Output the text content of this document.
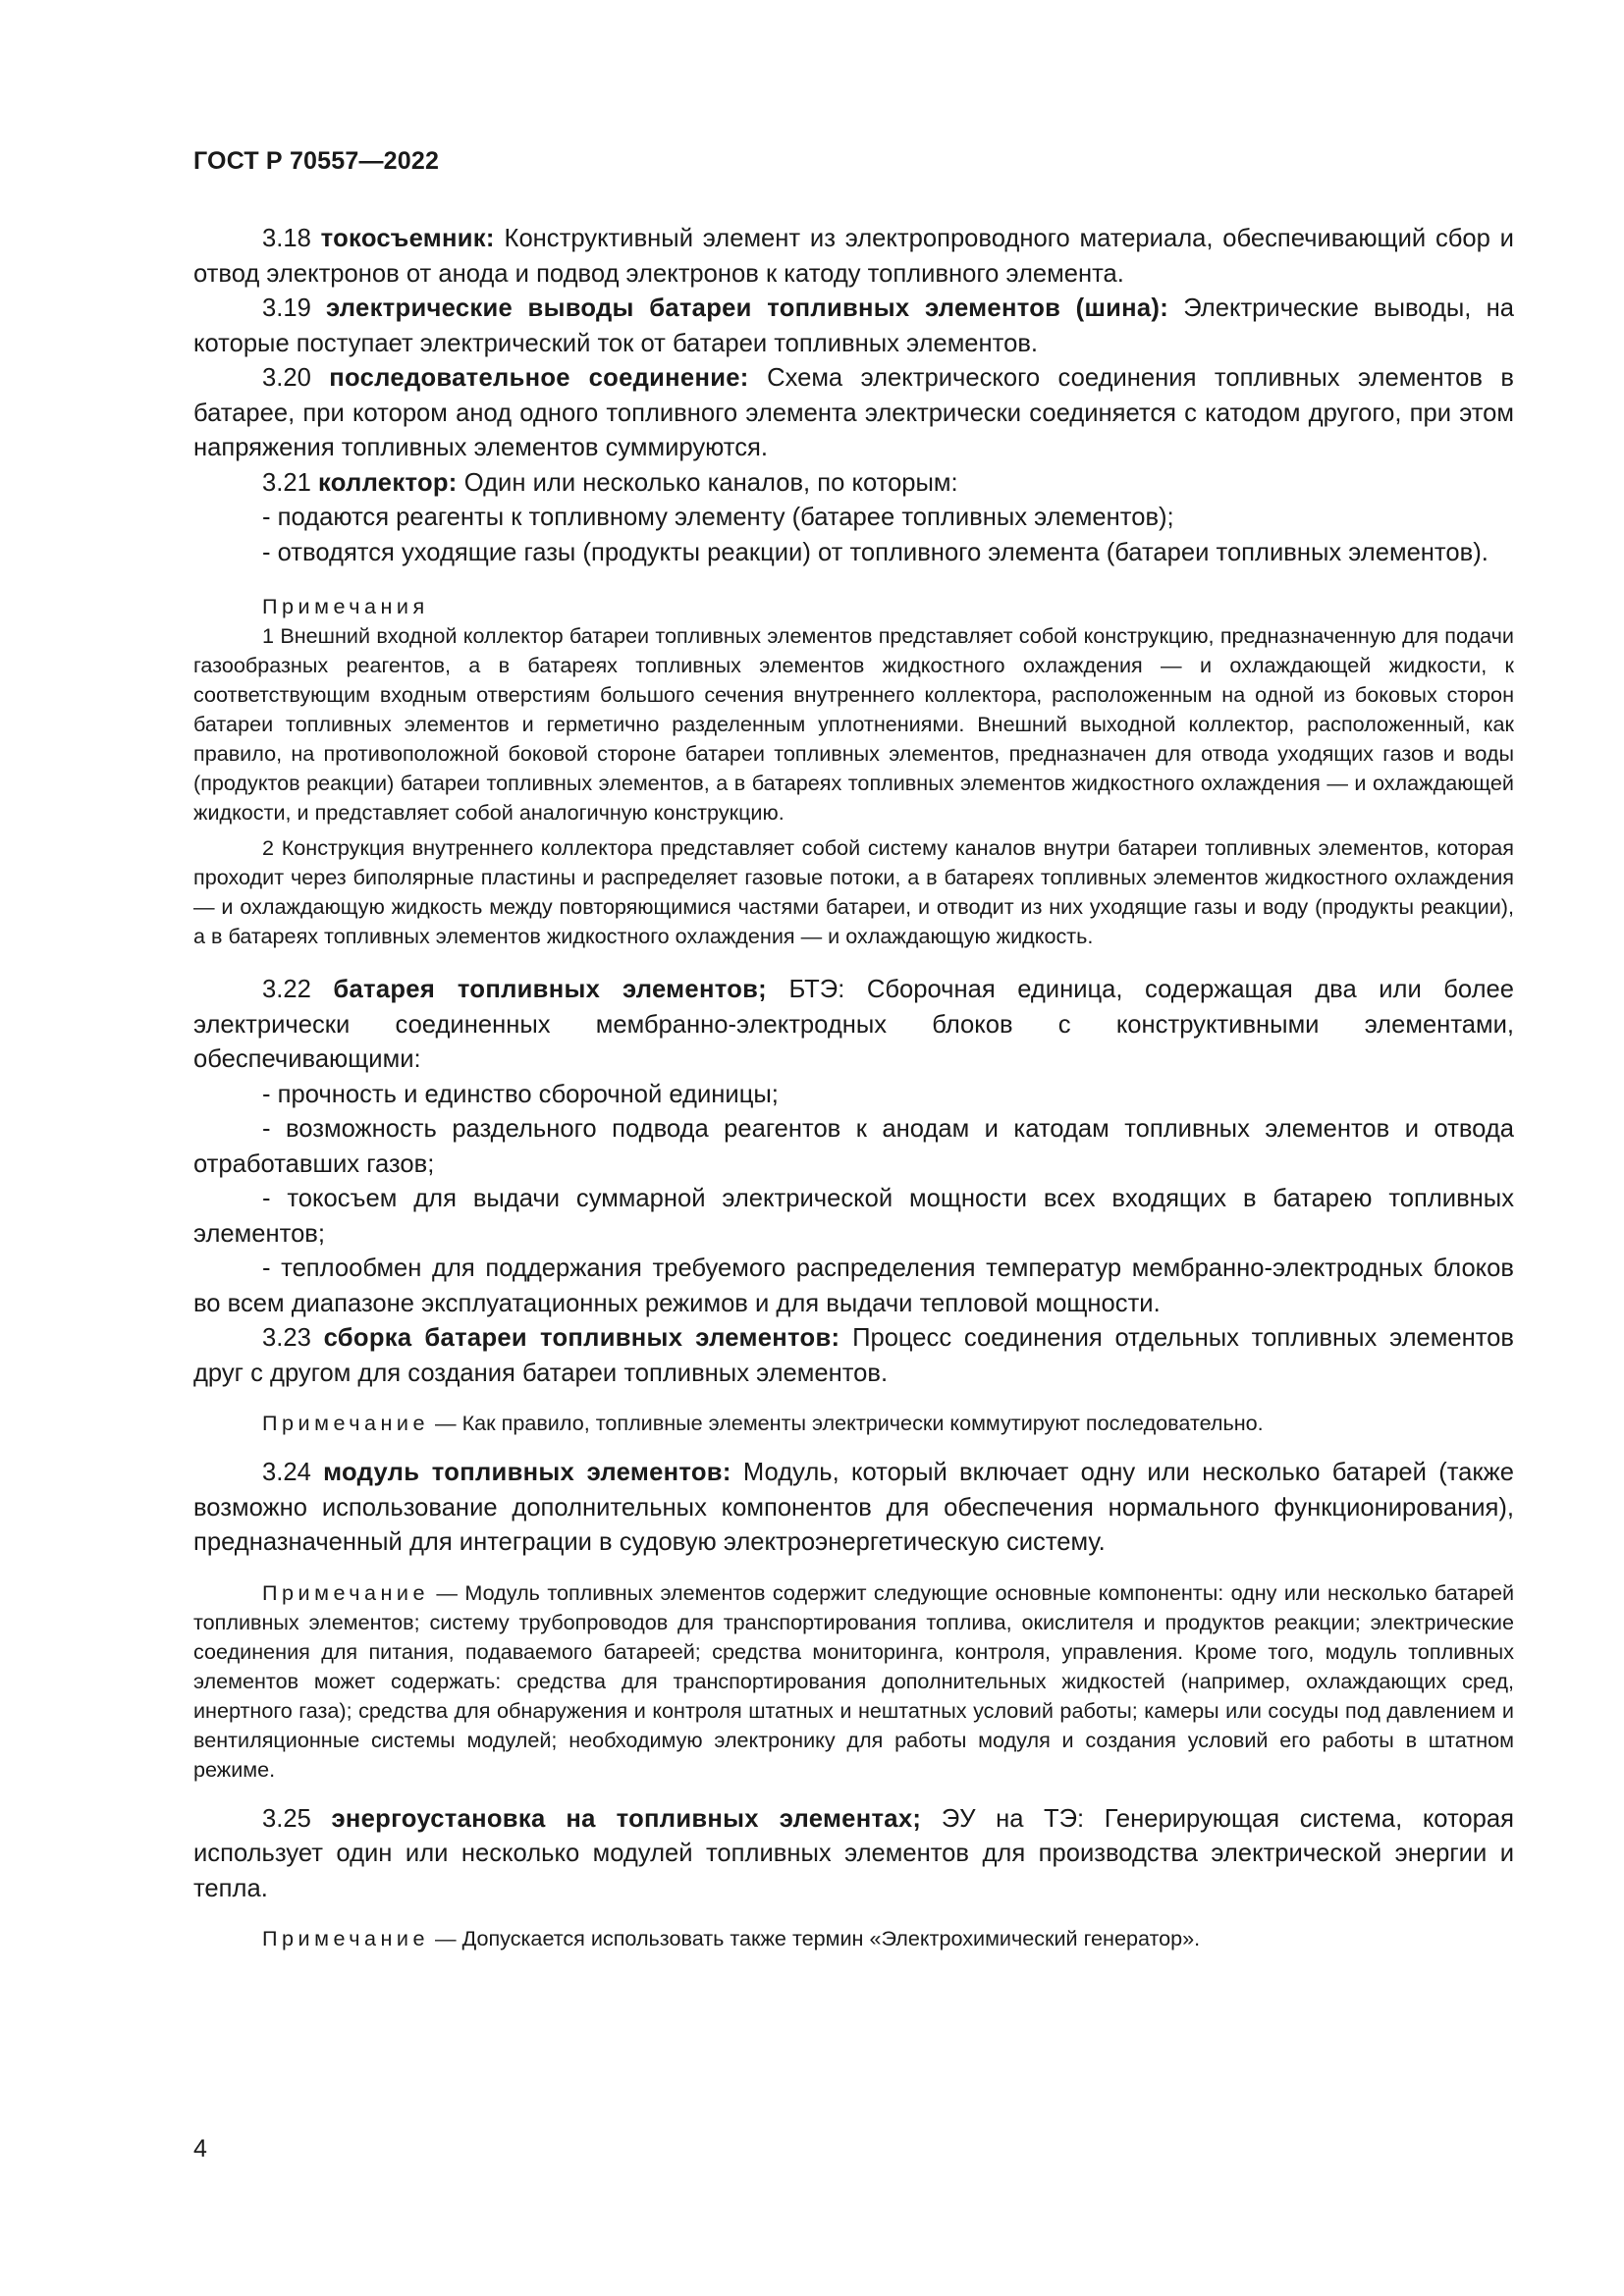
ГОСТ Р 70557—2022

3.18 токосъемник: Конструктивный элемент из электропроводного материала, обеспечивающий сбор и отвод электронов от анода и подвод электронов к катоду топливного элемента.

3.19 электрические выводы батареи топливных элементов (шина): Электрические выводы, на которые поступает электрический ток от батареи топливных элементов.

3.20 последовательное соединение: Схема электрического соединения топливных элементов в батарее, при котором анод одного топливного элемента электрически соединяется с катодом другого, при этом напряжения топливных элементов суммируются.

3.21 коллектор: Один или несколько каналов, по которым:

- подаются реагенты к топливному элементу (батарее топливных элементов);

- отводятся уходящие газы (продукты реакции) от топливного элемента (батареи топливных элементов).

Примечания

1 Внешний входной коллектор батареи топливных элементов представляет собой конструкцию, предназначенную для подачи газообразных реагентов, а в батареях топливных элементов жидкостного охлаждения — и охлаждающей жидкости, к соответствующим входным отверстиям большого сечения внутреннего коллектора, расположенным на одной из боковых сторон батареи топливных элементов и герметично разделенным уплотнениями. Внешний выходной коллектор, расположенный, как правило, на противоположной боковой стороне батареи топливных элементов, предназначен для отвода уходящих газов и воды (продуктов реакции) батареи топливных элементов, а в батареях топливных элементов жидкостного охлаждения — и охлаждающей жидкости, и представляет собой аналогичную конструкцию.

2 Конструкция внутреннего коллектора представляет собой систему каналов внутри батареи топливных элементов, которая проходит через биполярные пластины и распределяет газовые потоки, а в батареях топливных элементов жидкостного охлаждения — и охлаждающую жидкость между повторяющимися частями батареи, и отводит из них уходящие газы и воду (продукты реакции), а в батареях топливных элементов жидкостного охлаждения — и охлаждающую жидкость.

3.22 батарея топливных элементов; БТЭ: Сборочная единица, содержащая два или более электрически соединенных мембранно-электродных блоков с конструктивными элементами, обеспечивающими:

- прочность и единство сборочной единицы;

- возможность раздельного подвода реагентов к анодам и катодам топливных элементов и отвода отработавших газов;

- токосъем для выдачи суммарной электрической мощности всех входящих в батарею топливных элементов;

- теплообмен для поддержания требуемого распределения температур мембранно-электродных блоков во всем диапазоне эксплуатационных режимов и для выдачи тепловой мощности.

3.23 сборка батареи топливных элементов: Процесс соединения отдельных топливных элементов друг с другом для создания батареи топливных элементов.

Примечание — Как правило, топливные элементы электрически коммутируют последовательно.

3.24 модуль топливных элементов: Модуль, который включает одну или несколько батарей (также возможно использование дополнительных компонентов для обеспечения нормального функционирования), предназначенный для интеграции в судовую электроэнергетическую систему.

Примечание — Модуль топливных элементов содержит следующие основные компоненты: одну или несколько батарей топливных элементов; систему трубопроводов для транспортирования топлива, окислителя и продуктов реакции; электрические соединения для питания, подаваемого батареей; средства мониторинга, контроля, управления. Кроме того, модуль топливных элементов может содержать: средства для транспортирования дополнительных жидкостей (например, охлаждающих сред, инертного газа); средства для обнаружения и контроля штатных и нештатных условий работы; камеры или сосуды под давлением и вентиляционные системы модулей; необходимую электронику для работы модуля и создания условий его работы в штатном режиме.

3.25 энергоустановка на топливных элементах; ЭУ на ТЭ: Генерирующая система, которая использует один или несколько модулей топливных элементов для производства электрической энергии и тепла.

Примечание — Допускается использовать также термин «Электрохимический генератор».

4
